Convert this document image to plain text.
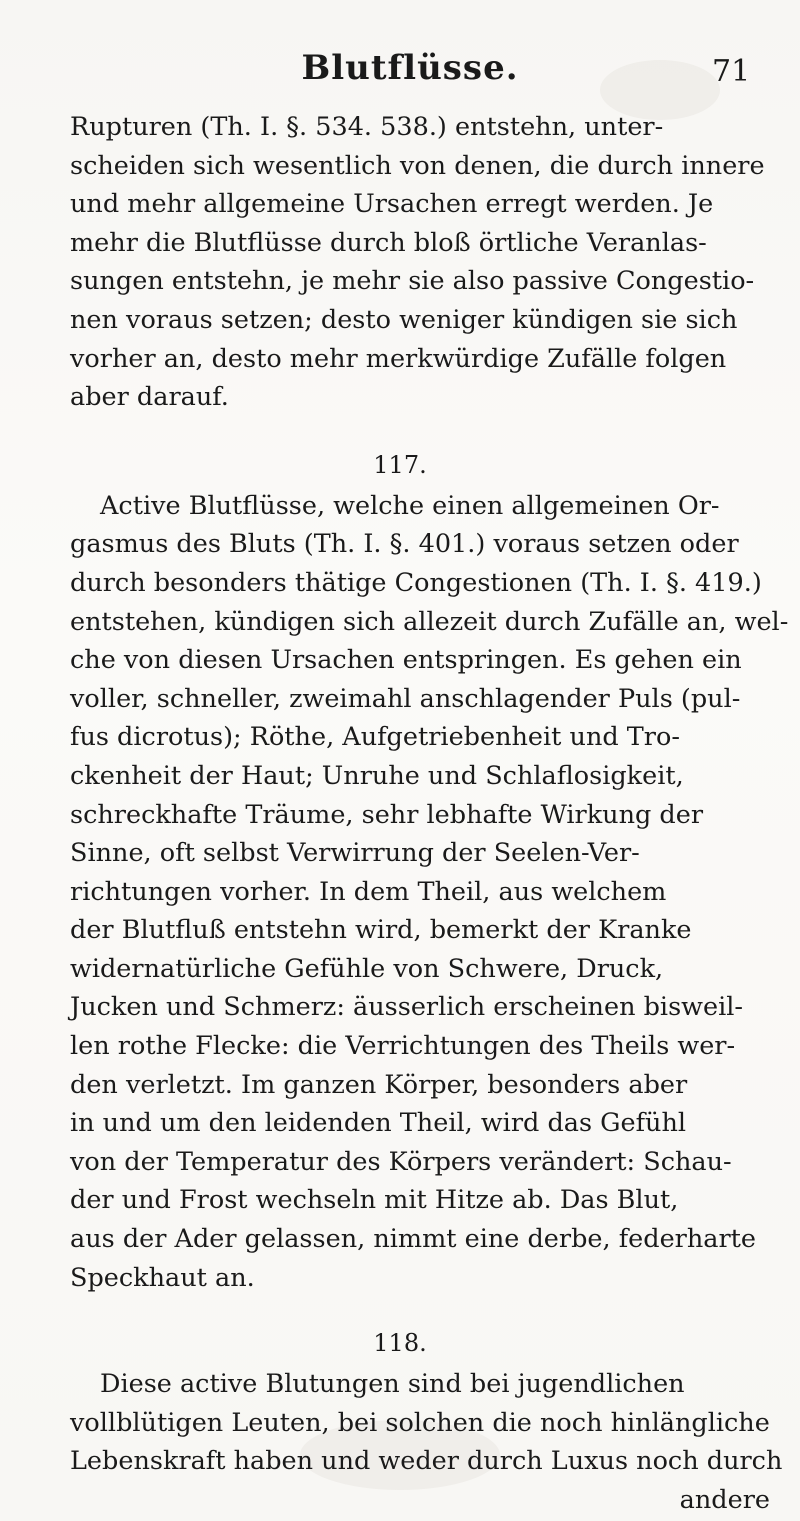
Blutflüsse.	71
Rupturen (Th. I. §. 534. 538.) entstehn, unter-
scheiden sich wesentlich von denen, die durch innere
und mehr allgemeine Ursachen erregt werden. Je
mehr die Blutflüsse durch bloß örtliche Veranlas-
sungen entstehn, je mehr sie also passive Congestio-
nen voraus setzen; desto weniger kündigen sie sich
vorher an, desto mehr merkwürdige Zufälle folgen
aber darauf.
117.
Active Blutflüsse, welche einen allgemeinen Or-
gasmus des Bluts (Th. I. §. 401.) voraus setzen oder
durch besonders thätige Congestionen (Th. I. §. 419.)
entstehen, kündigen sich allezeit durch Zufälle an, wel-
che von diesen Ursachen entspringen. Es gehen ein
voller, schneller, zweimahl anschlagender Puls (pul-
fus dicrotus); Röthe, Aufgetriebenheit und Tro-
ckenheit der Haut; Unruhe und Schlaflosigkeit,
schreckhafte Träume, sehr lebhafte Wirkung der
Sinne, oft selbst Verwirrung der Seelen-Ver-
richtungen vorher. In dem Theil, aus welchem
der Blutfluß entstehn wird, bemerkt der Kranke
widernatürliche Gefühle von Schwere, Druck,
Jucken und Schmerz: äusserlich erscheinen bisweil-
len rothe Flecke: die Verrichtungen des Theils wer-
den verletzt. Im ganzen Körper, besonders aber
in und um den leidenden Theil, wird das Gefühl
von der Temperatur des Körpers verändert: Schau-
der und Frost wechseln mit Hitze ab. Das Blut,
aus der Ader gelassen, nimmt eine derbe, federharte
Speckhaut an.
118.
Diese active Blutungen sind bei jugendlichen
vollblütigen Leuten, bei solchen die noch hinlängliche
Lebenskraft haben und weder durch Luxus noch durch
andere
